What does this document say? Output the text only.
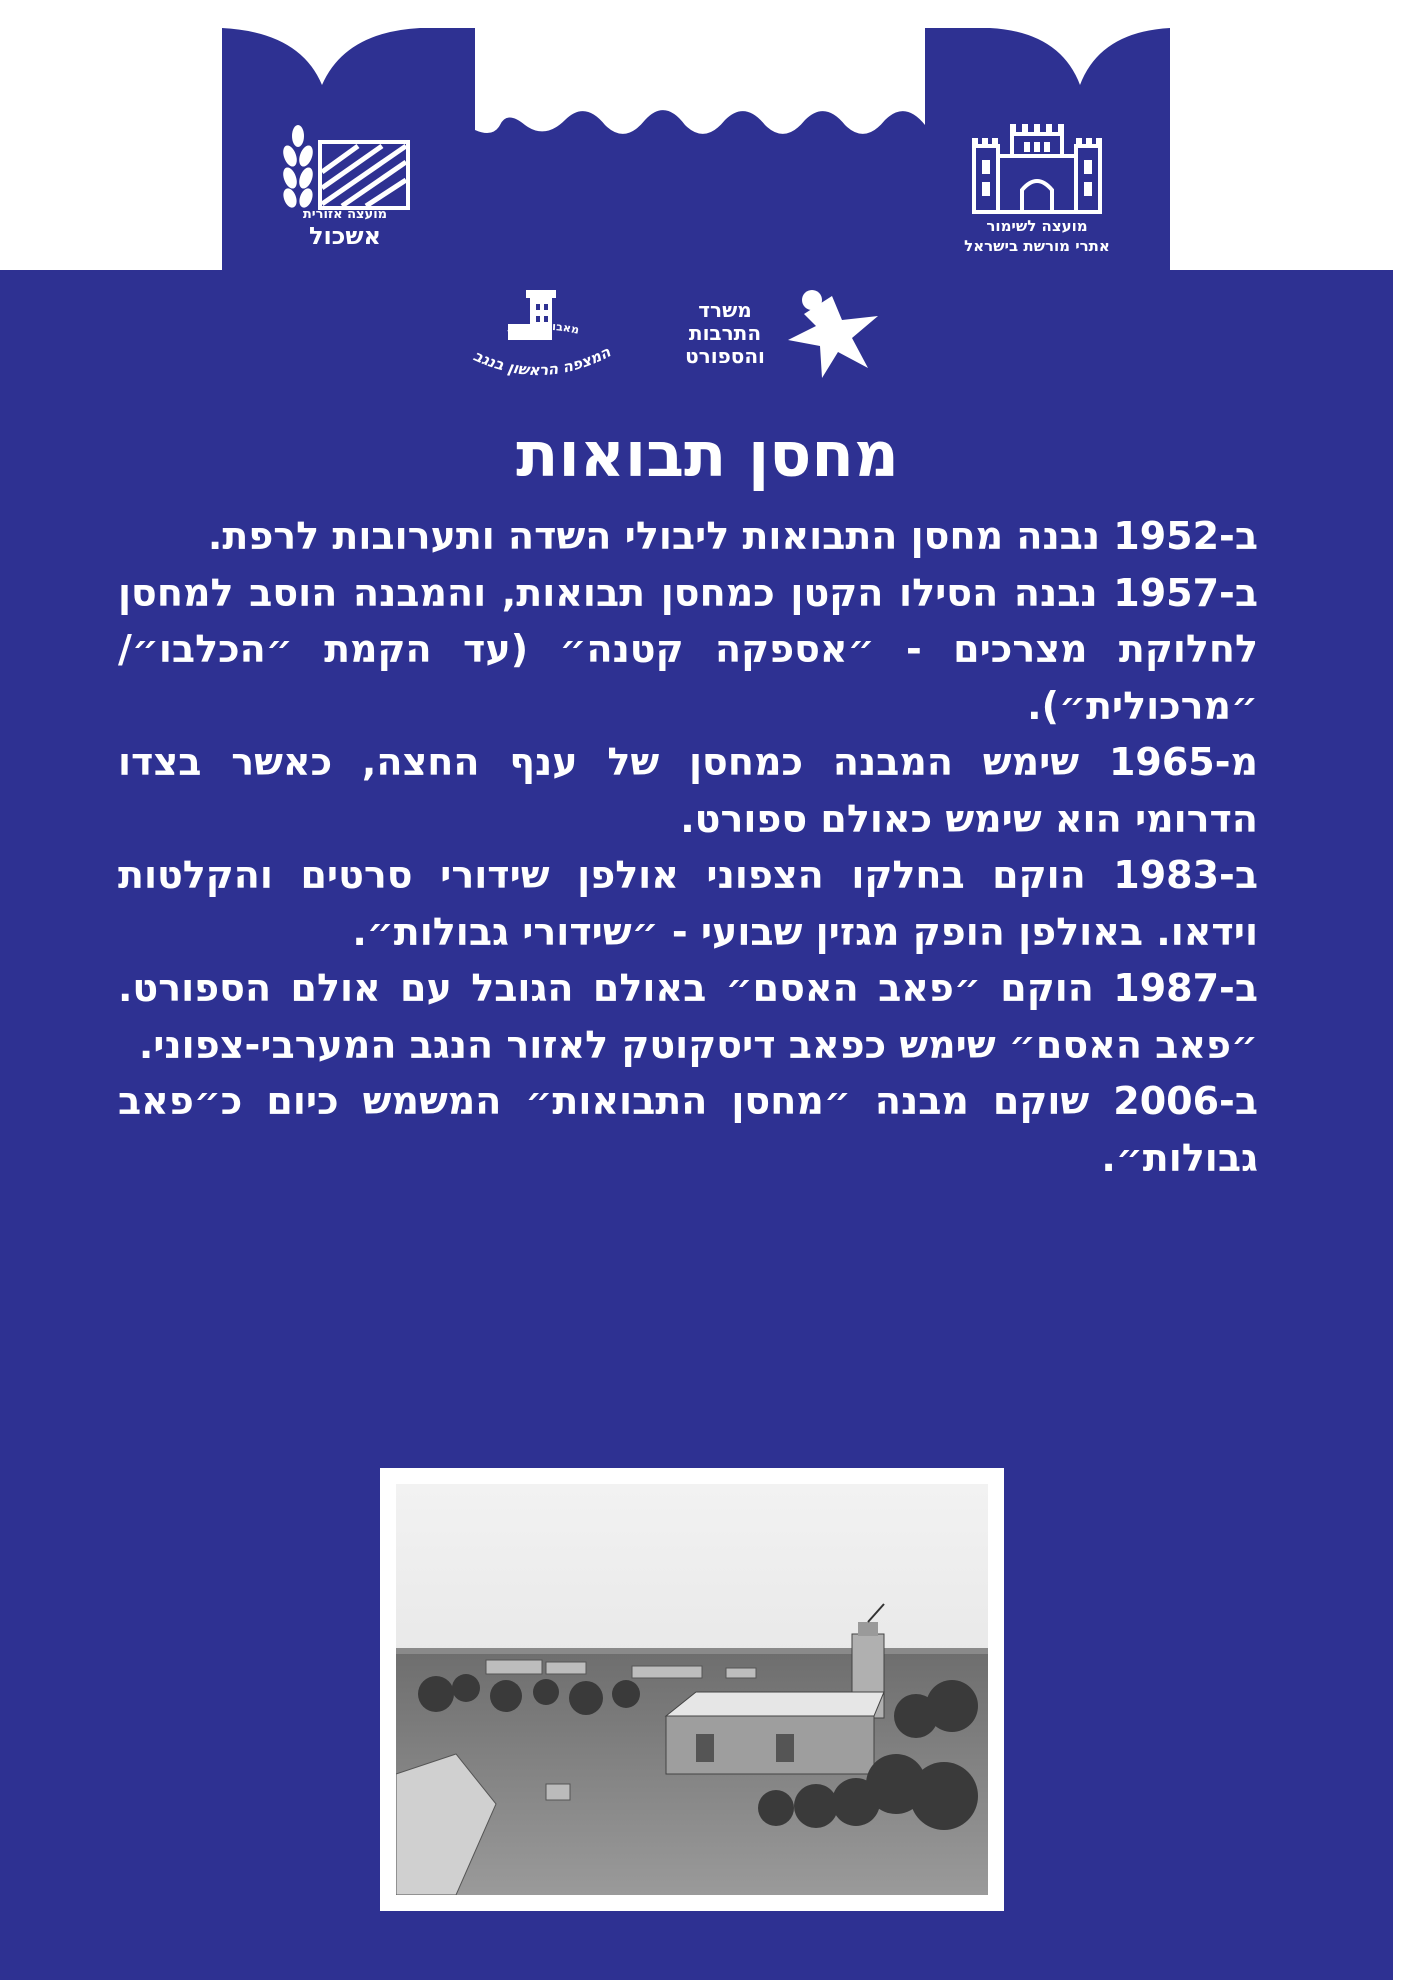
מועצה לשימור
אתרי מורשת בישראל
מועצה אזורית
אשכול
משרד
התרבות
והספורט
מאבוד גבולות
המצפה הראשון בנגב
מחסן תבואות

ב-1952 נבנה מחסן התבואות ליבולי השדה ותערובות לרפת.

ב-1957 נבנה הסילו הקטן כמחסן תבואות, והמבנה הוסב למחסן לחלוקת מצרכים - ״אספקה קטנה״ (עד הקמת ״הכלבו״/״מרכולית״).

מ-1965 שימש המבנה כמחסן של ענף החצה, כאשר בצדו הדרומי הוא שימש כאולם ספורט.

ב-1983 הוקם בחלקו הצפוני אולפן שידורי סרטים והקלטות וידאו. באולפן הופק מגזין שבועי - ״שידורי גבולות״.

ב-1987 הוקם ״פאב האסם״ באולם הגובל עם אולם הספורט. ״פאב האסם״ שימש כפאב דיסקוטק לאזור הנגב המערבי-צפוני.

ב-2006 שוקם מבנה ״מחסן התבואות״ המשמש כיום כ״פאב גבולות״.
